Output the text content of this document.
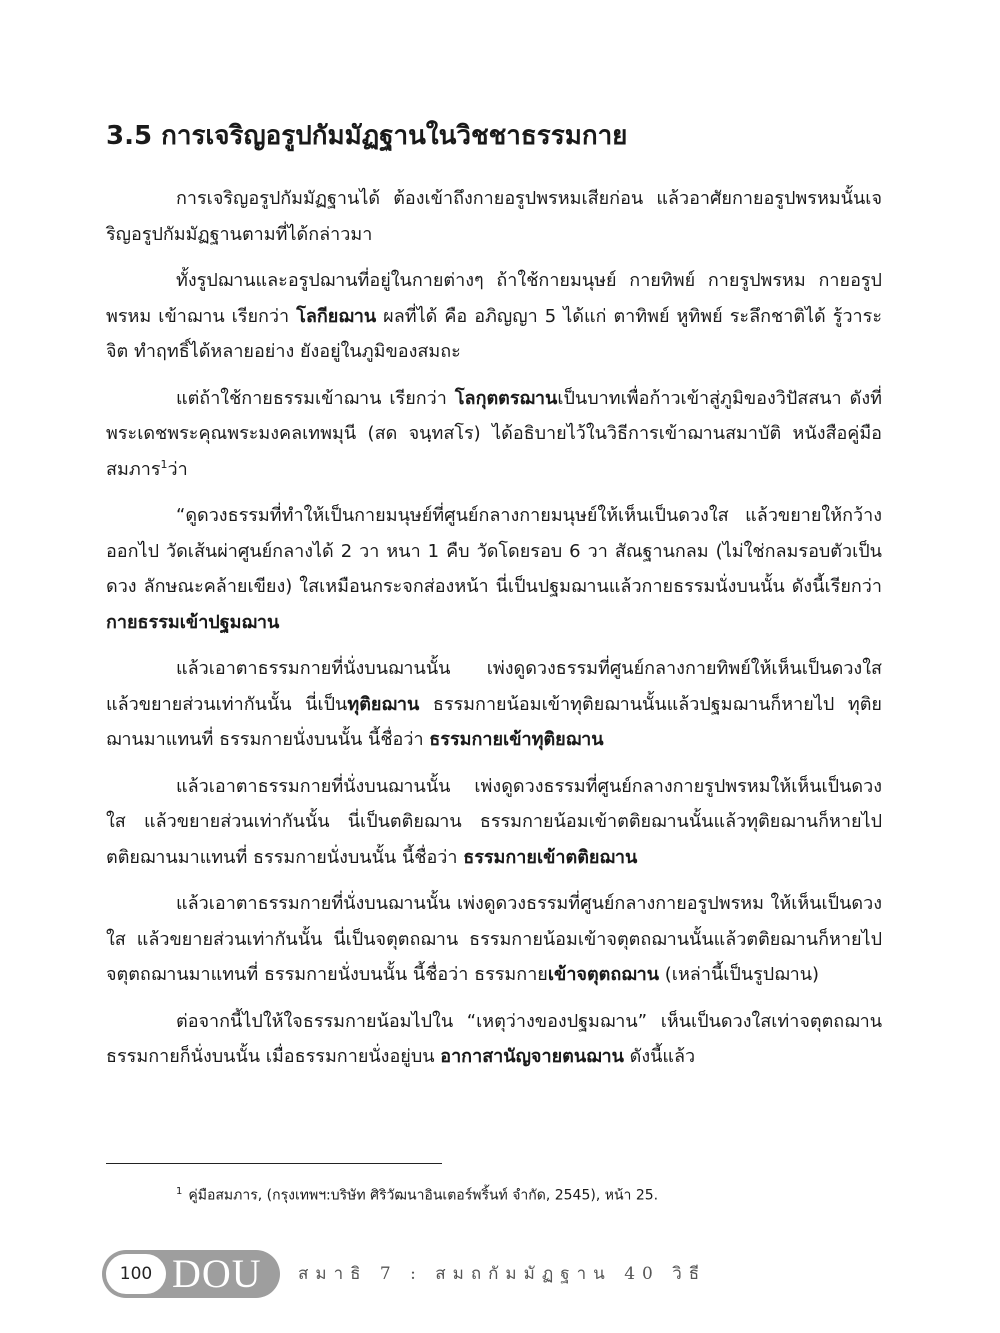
3.5 การเจริญอรูปกัมมัฏฐานในวิชชาธรรมกาย

การเจริญอรูปกัมมัฏฐานได้ ต้องเข้าถึงกายอรูปพรหมเสียก่อน แล้วอาศัยกายอรูปพรหมนั้นเจริญอรูปกัมมัฏฐานตามที่ได้กล่าวมา

ทั้งรูปฌานและอรูปฌานที่อยู่ในกายต่างๆ ถ้าใช้กายมนุษย์ กายทิพย์ กายรูปพรหม กายอรูปพรหม เข้าฌาน เรียกว่า โลกียฌาน ผลที่ได้ คือ อภิญญา 5 ได้แก่ ตาทิพย์ หูทิพย์ ระลึกชาติได้ รู้วาระจิต ทำฤทธิ์ได้หลายอย่าง ยังอยู่ในภูมิของสมถะ

แต่ถ้าใช้กายธรรมเข้าฌาน เรียกว่า โลกุตตรฌานเป็นบาทเพื่อก้าวเข้าสู่ภูมิของวิปัสสนา ดังที่พระเดชพระคุณพระมงคลเทพมุนี (สด จนฺทสโร) ได้อธิบายไว้ในวิธีการเข้าฌานสมาบัติ หนังสือคู่มือสมภาร$^1$ว่า

“ดูดวงธรรมที่ทำให้เป็นกายมนุษย์ที่ศูนย์กลางกายมนุษย์ให้เห็นเป็นดวงใส แล้วขยายให้กว้างออกไป วัดเส้นผ่าศูนย์กลางได้ 2 วา หนา 1 คืบ วัดโดยรอบ 6 วา สัณฐานกลม (ไม่ใช่กลมรอบตัวเป็นดวง ลักษณะคล้ายเขียง) ใสเหมือนกระจกส่องหน้า นี่เป็นปฐมฌานแล้วกายธรรมนั่งบนนั้น ดังนี้เรียกว่า กายธรรมเข้าปฐมฌาน

แล้วเอาตาธรรมกายที่นั่งบนฌานนั้น เพ่งดูดวงธรรมที่ศูนย์กลางกายทิพย์ให้เห็นเป็นดวงใส แล้วขยายส่วนเท่ากันนั้น นี่เป็นทุติยฌาน ธรรมกายน้อมเข้าทุติยฌานนั้นแล้วปฐมฌานก็หายไป ทุติยฌานมาแทนที่ ธรรมกายนั่งบนนั้น นี้ชื่อว่า ธรรมกายเข้าทุติยฌาน

แล้วเอาตาธรรมกายที่นั่งบนฌานนั้น เพ่งดูดวงธรรมที่ศูนย์กลางกายรูปพรหมให้เห็นเป็นดวงใส แล้วขยายส่วนเท่ากันนั้น นี่เป็นตติยฌาน ธรรมกายน้อมเข้าตติยฌานนั้นแล้วทุติยฌานก็หายไป ตติยฌานมาแทนที่ ธรรมกายนั่งบนนั้น นี้ชื่อว่า ธรรมกายเข้าตติยฌาน

แล้วเอาตาธรรมกายที่นั่งบนฌานนั้น เพ่งดูดวงธรรมที่ศูนย์กลางกายอรูปพรหม ให้เห็นเป็นดวงใส แล้วขยายส่วนเท่ากันนั้น นี่เป็นจตุตถฌาน ธรรมกายน้อมเข้าจตุตถฌานนั้นแล้วตติยฌานก็หายไป จตุตถฌานมาแทนที่ ธรรมกายนั่งบนนั้น นี้ชื่อว่า ธรรมกายเข้าจตุตถฌาน (เหล่านี้เป็นรูปฌาน)

ต่อจากนี้ไปให้ใจธรรมกายน้อมไปใน “เหตุว่างของปฐมฌาน” เห็นเป็นดวงใสเท่าจตุตถฌาน ธรรมกายก็นั่งบนนั้น เมื่อธรรมกายนั่งอยู่บน อากาสานัญจายตนฌาน ดังนี้แล้ว

$^1$ คู่มือสมภาร, (กรุงเทพฯ:บริษัท ศิริวัฒนาอินเตอร์พริ้นท์ จำกัด, 2545), หน้า 25.
100 DOU สมาธิ 7 : สมถกัมมัฏฐาน 40 วิธี
